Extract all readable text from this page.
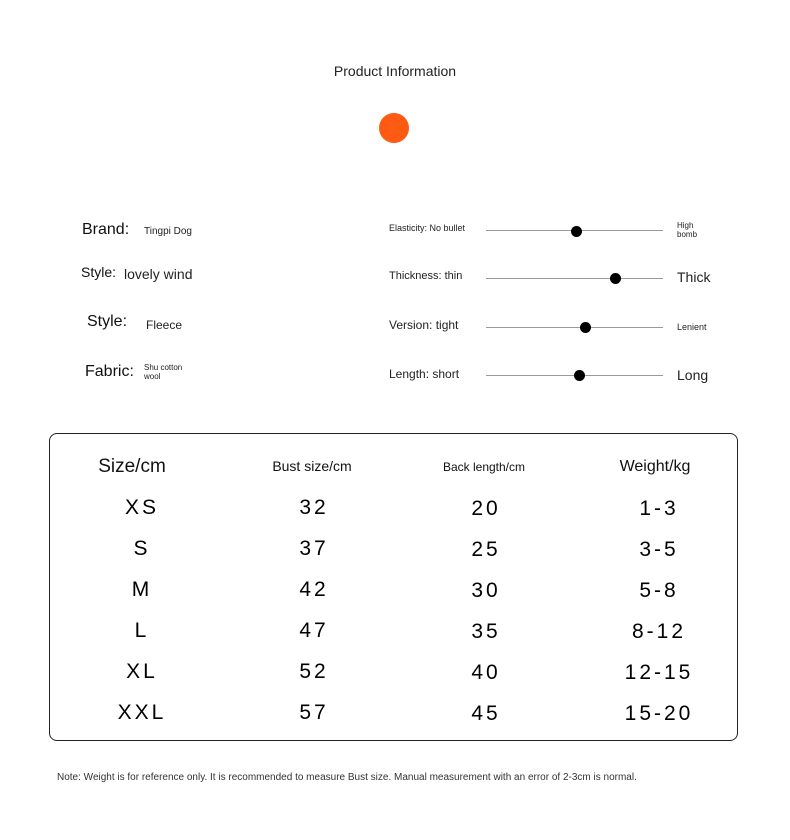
Product Information
Brand: Tingpi Dog
Style: lovely wind
Style: Fleece
Fabric: Shu cotton
wool
Elasticity: No bullet	High
bomb
Thickness: thin	Thick
Version: tight	Lenient
Length: short	Long
Size/cm	Bust size/cm	Back length/cm	Weight/kg
XS	32	20	1-3
S	37	25	3-5
M	42	30	5-8
L	47	35	8-12
XL	52	40	12-15
XXL	57	45	15-20
Note: Weight is for reference only. It is recommended to measure Bust size. Manual measurement with an error of 2-3cm is normal.
